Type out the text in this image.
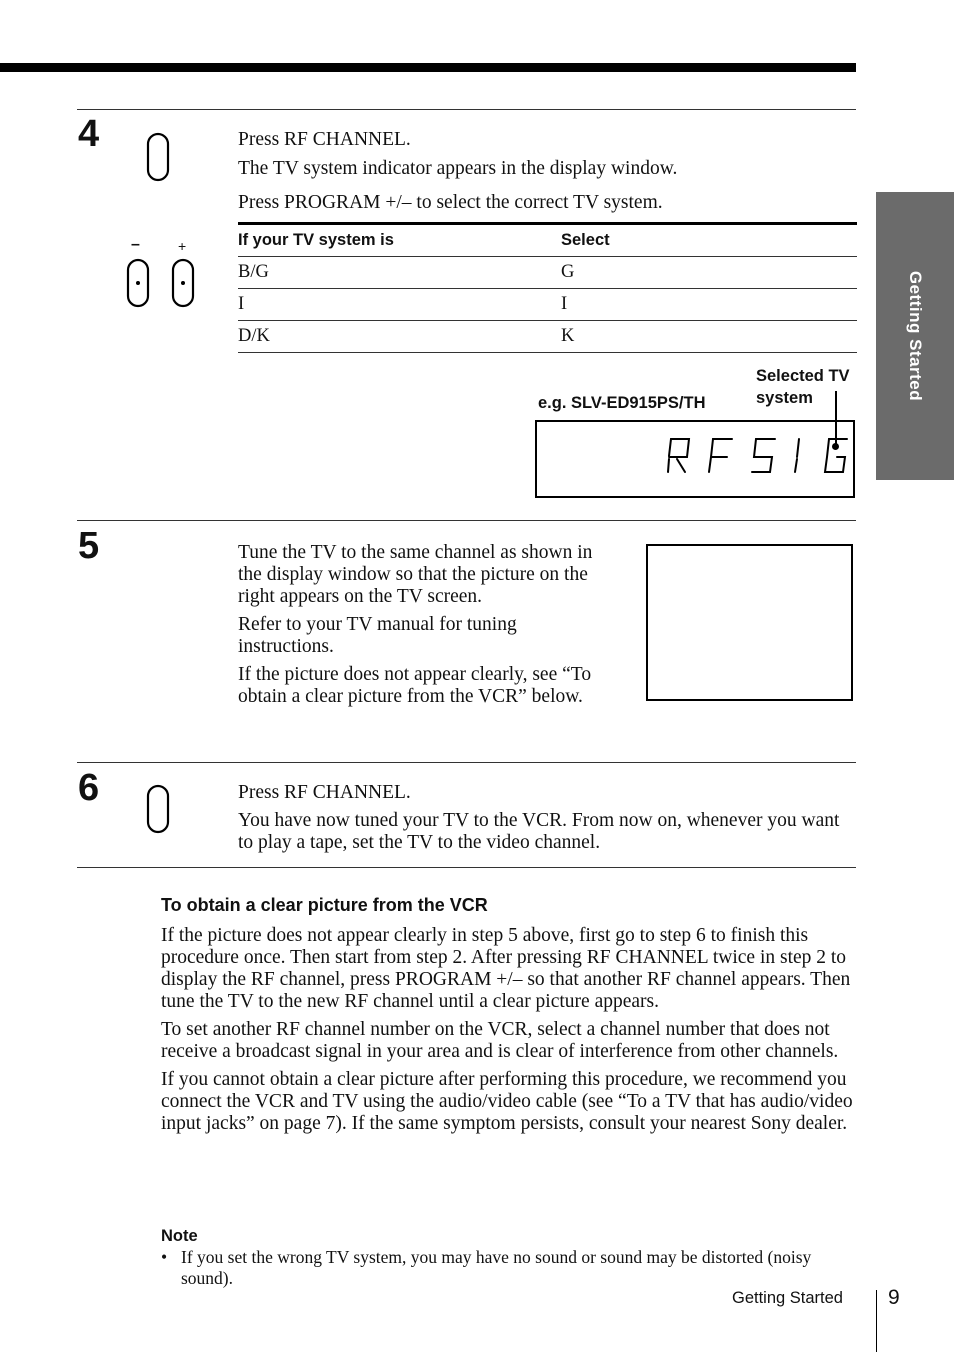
Getting Started
4
–	+
Press RF CHANNEL.
The TV system indicator appears in the display window.
Press PROGRAM +/– to select the correct TV system.
If your TV system is	Select
B/G	G
I	I
D/K	K
e.g. SLV-ED915PS/TH
Selected TV system
5	Tune the TV to the same channel as shown in the display window so that the picture on the right appears on the TV screen.

Refer to your TV manual for tuning instructions.

If the picture does not appear clearly, see “To obtain a clear picture from the VCR” below.

6	Press RF CHANNEL.

You have now tuned your TV to the VCR. From now on, whenever you want to play a tape, set the TV to the video channel.

To obtain a clear picture from the VCR

If the picture does not appear clearly in step 5 above, first go to step 6 to finish this procedure once. Then start from step 2. After pressing RF CHANNEL twice in step 2 to display the RF channel, press PROGRAM +/– so that another RF channel appears. Then tune the TV to the new RF channel until a clear picture appears.

To set another RF channel number on the VCR, select a channel number that does not receive a broadcast signal in your area and is clear of interference from other channels.

If you cannot obtain a clear picture after performing this procedure, we recommend you connect the VCR and TV using the audio/video cable (see “To a TV that has audio/video input jacks” on page 7). If the same symptom persists, consult your nearest Sony dealer.

Note
• If you set the wrong TV system, you may have no sound or sound may be distorted (noisy sound).
Getting Started 9
